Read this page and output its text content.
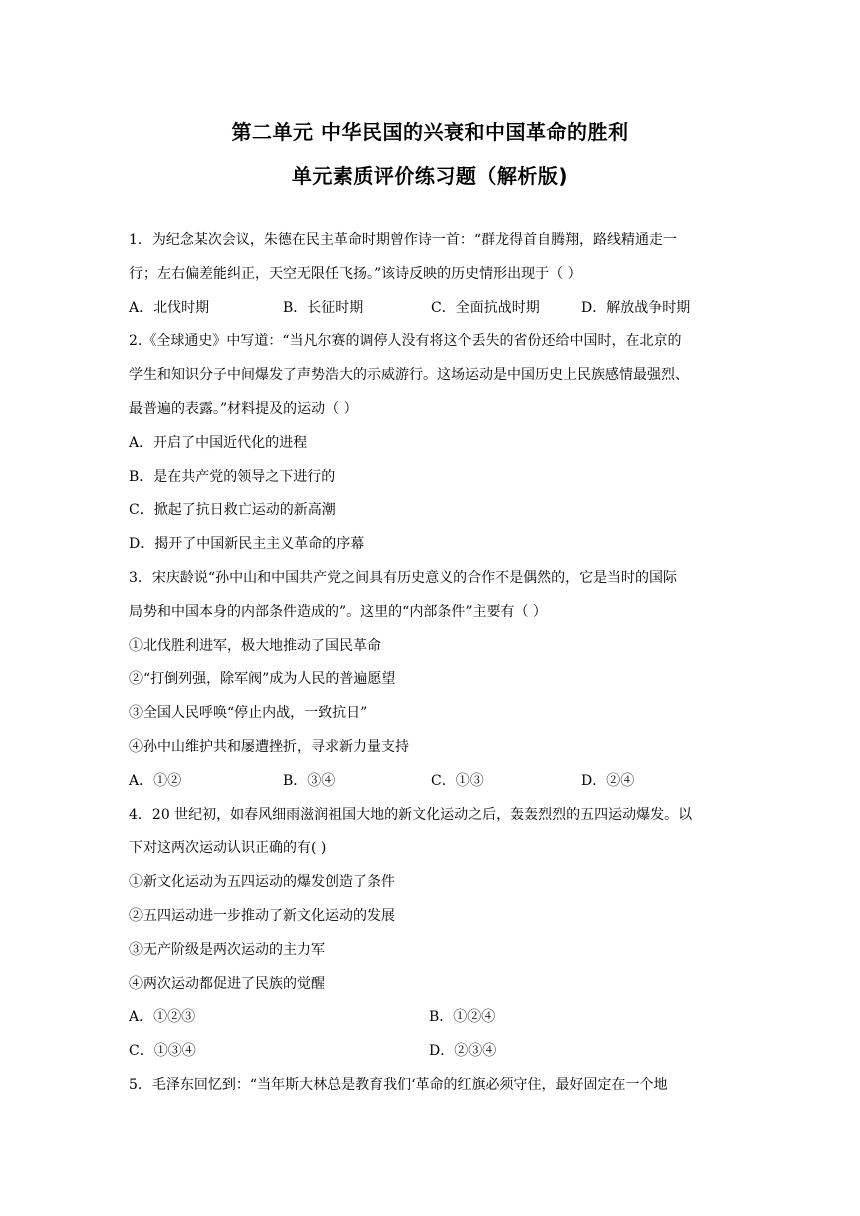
第二单元 中华民国的兴衰和中国革命的胜利
单元素质评价练习题（解析版)

1．为纪念某次会议，朱德在民主革命时期曾作诗一首：“群龙得首自腾翔，路线精通走一

行；左右偏差能纠正，天空无限任飞扬。”该诗反映的历史情形出现于（ ）

A．北伐时期	B．长征时期	C．全面抗战时期	D．解放战争时期

2.《全球通史》中写道：“当凡尔赛的调停人没有将这个丢失的省份还给中国时，在北京的

学生和知识分子中间爆发了声势浩大的示威游行。这场运动是中国历史上民族感情最强烈、

最普遍的表露。”材料提及的运动（ ）

A．开启了中国近代化的进程

B．是在共产党的领导之下进行的

C．掀起了抗日救亡运动的新高潮

D．揭开了中国新民主主义革命的序幕

3．宋庆龄说“孙中山和中国共产党之间具有历史意义的合作不是偶然的，它是当时的国际

局势和中国本身的内部条件造成的”。这里的“内部条件”主要有（ ）

①北伐胜利进军，极大地推动了国民革命

②“打倒列强，除军阀”成为人民的普遍愿望

③全国人民呼唤“停止内战，一致抗日”

④孙中山维护共和屡遭挫折，寻求新力量支持

A．①②	B．③④	C．①③	D．②④

4．20 世纪初，如春风细雨滋润祖国大地的新文化运动之后，轰轰烈烈的五四运动爆发。以

下对这两次运动认识正确的有( )

①新文化运动为五四运动的爆发创造了条件

②五四运动进一步推动了新文化运动的发展

③无产阶级是两次运动的主力军

④两次运动都促进了民族的觉醒

A．①②③	B．①②④
C．①③④	D．②③④

5．毛泽东回忆到：“当年斯大林总是教育我们‘革命的红旗必须守住，最好固定在一个地
